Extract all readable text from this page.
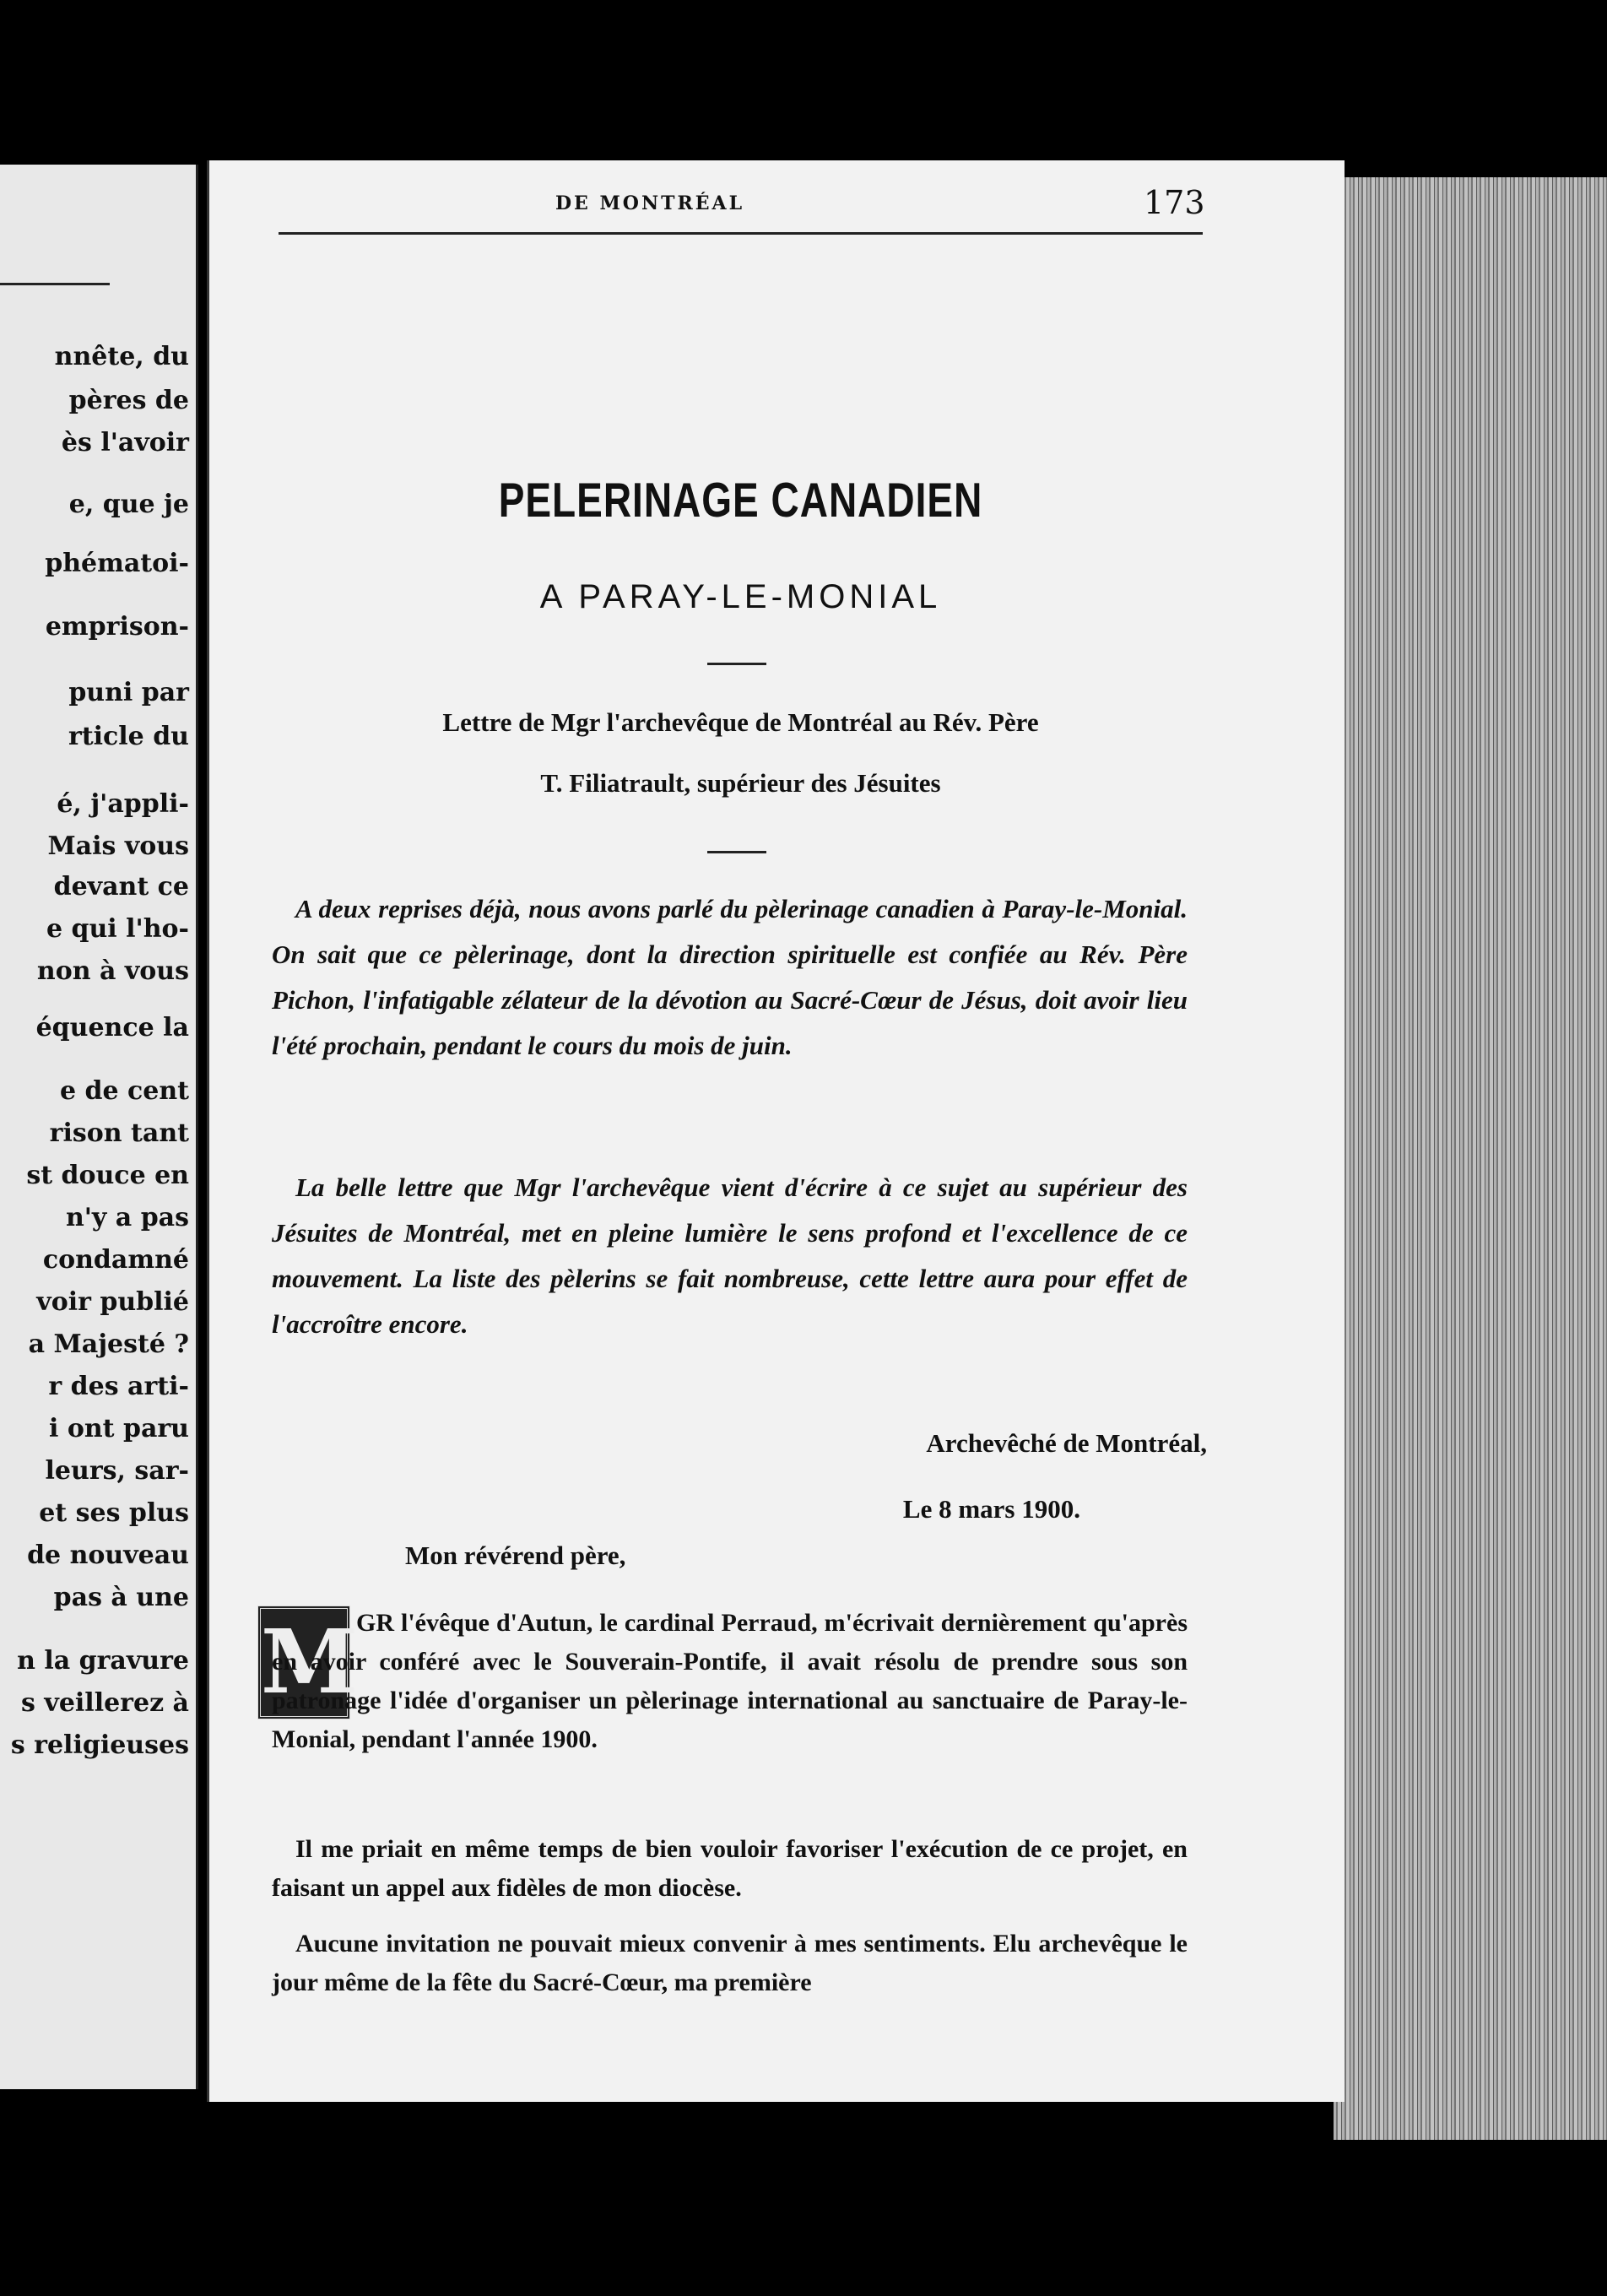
nnête, du
pères de
ès l'avoir
e, que je
phématoi-
emprison-
puni par
rticle du
é, j'appli-
Mais vous
devant ce
e qui l'ho-
non à vous
équence la
e de cent
rison tant
st douce en
n'y a pas
condamné
voir publié
a Majesté ?
r des arti-
i ont paru
leurs, sar-
et ses plus
de nouveau
pas à une
n la gravure
s veillerez à
s religieuses
DE MONTRÉAL	173
PELERINAGE CANADIEN
A PARAY-LE-MONIAL
Lettre de Mgr l'archevêque de Montréal au Rév. Père
T. Filiatrault, supérieur des Jésuites
A deux reprises déjà, nous avons parlé du pèlerinage canadien à Paray-le-Monial. On sait que ce pèlerinage, dont la direction spirituelle est confiée au Rév. Père Pichon, l'infatigable zélateur de la dévotion au Sacré-Cœur de Jésus, doit avoir lieu l'été prochain, pendant le cours du mois de juin.
La belle lettre que Mgr l'archevêque vient d'écrire à ce sujet au supérieur des Jésuites de Montréal, met en pleine lumière le sens profond et l'excellence de ce mouvement. La liste des pèlerins se fait nombreuse, cette lettre aura pour effet de l'accroître encore.
Archevêché de Montréal,
Le 8 mars 1900.
Mon révérend père,
M
GR l'évêque d'Autun, le cardinal Perraud, m'écrivait dernièrement qu'après en avoir conféré avec le Souverain-Pontife, il avait résolu de prendre sous son patronage l'idée d'organiser un pèlerinage international au sanctuaire de Paray-le-Monial, pendant l'année 1900.
Il me priait en même temps de bien vouloir favoriser l'exécution de ce projet, en faisant un appel aux fidèles de mon diocèse.
Aucune invitation ne pouvait mieux convenir à mes sentiments. Elu archevêque le jour même de la fête du Sacré-Cœur, ma première
